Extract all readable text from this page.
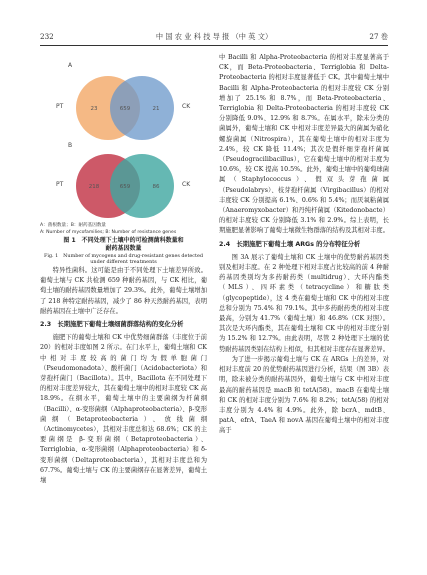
232	中 国 农 业 科 技 导 报 （中 英 文）	27 卷
A
23	659	21
PT	CK
B
218	659	86
PT	CK
A：菌根数量；B：耐药基因数量
A: Number of mycofamilies; B: Number of resistance genes
图 1　不同处理下土壤中的可检测菌科数量和
耐药基因数量
Fig. 1　Number of mycogens and drug-resistant genes detected under different treatments

特异性菌科。这可能是由于不同处理下土壤差异所致。葡萄土壤与 CK 共检测 659 种耐药基因，与 CK 相比，葡萄土壤的耐药基因数量增加了 29.3%。此外，葡萄土壤增加了 218 种特定耐药基因，减少了 86 种天然耐药基因，表明耐药基因在土壤中广泛存在。

2.3　长期施肥下葡萄土壤细菌群落结构的变化分析

施肥下的葡萄土壤和 CK 中优势细菌群落（丰度位于前 20）的相对丰度如图 2 所示。在门水平上，葡萄土壤和 CK 中相对丰度较高的菌门均为假单胞菌门（Pseudomonadota）、酸杆菌门（Acidobacteriota）和芽孢杆菌门（Bacillota）。其中，Bacillota 在不同处理下的相对丰度差异较大，其在葡萄土壤中的相对丰度较 CK 高 18.9%。在纲水平，葡萄土壤中的主要菌纲为杆菌纲（Bacilli）、α-变形菌纲（Alphaproteobacteria）、β-变形菌纲（Betaproteobacteria）、放线菌纲（Actinomycetes），其相对丰度总和达 68.6%；CK 的主要菌纲是 β-变形菌纲（Betaproteobacteria）、Terriglobia、α-变形菌纲（Alphaproteobacteria）和 δ-变形菌纲（Deltaproteobacteria），其相对丰度总和为 67.7%。葡萄土壤与 CK 的主要菌纲存在显著差异，葡萄土壤

中 Bacilli 和 Alpha-Proteobacteria 的相对丰度显著高于 CK，而 Beta-Proteobacteria、Terriglobia 和 Delta-Proteobacteria 的相对丰度显著低于 CK。其中葡萄土壤中 Bacilli 和 Alpha-Proteobacteria 的相对丰度较 CK 分别增加了 25.1% 和 8.7%，而 Beta-Proteobacteria、Terriglobia 和 Delta-Proteobacteria 的相对丰度较 CK 分别降低 9.0%、12.9% 和 8.7%。在属水平，除未分类的菌属外，葡萄土壤和 CK 中相对丰度差异最大的菌属为硝化螺旋菌属（Nitrospira），其在葡萄土壤中的相对丰度为 2.4%，较 CK 降低 11.4%；其次是假纤细芽孢杆菌属（Pseudogracilibacillus），它在葡萄土壤中的相对丰度为 10.6%，较 CK 提高 10.5%。此外，葡萄土壤中的葡萄球菌属（Staphylococcus）、假双头芽孢菌属（Pseudolabrys）、枝芽孢杆菌属（Virgibacillus）的相对丰度较 CK 分别提高 6.1%、0.6% 和 5.4%；而厌氧粘菌属（Anaeromyxobacter）和丹纯杆菌属（Kitedonobacte）的相对丰度较 CK 分别降低 3.1% 和 2.9%。综上表明，长期施肥显著影响了葡萄土壤微生物群落的结构及其相对丰度。

2.4　长期施肥下葡萄土壤 ARGs 的分布特征分析

图 3A 展示了葡萄土壤和 CK 土壤中的优势耐药基因类别及相对丰度。在 2 种处理下相对丰度占比较高的前 4 种耐药基因类别均为多药耐药类（multidrug）、大环内酯类（MLS）、四环素类（tetracycline）和糖肽类（glycopeptide），这 4 类在葡萄土壤和 CK 中的相对丰度总和分别为 75.4% 和 79.1%。其中多药耐药类的相对丰度最高，分别为 41.7%（葡萄土壤）和 46.8%（CK 对照）。其次是大环内酯类，其在葡萄土壤和 CK 中的相对丰度分别为 15.2% 和 12.7%。由此表明，尽管 2 种处理下土壤的优势耐药基因类别在结构上相似，但其相对丰度存在显著差异。

为了进一步揭示葡萄土壤与 CK 在 ARGs 上的差异，对相对丰度前 20 的优势耐药基因进行分析，结果（图 3B）表明，除未被分类的耐药基因外，葡萄土壤与 CK 中相对丰度最高的耐药基因是 macB 和 tetA(58)。macB 在葡萄土壤和 CK 的相对丰度分别为 7.6% 和 8.2%；tetA(58) 的相对丰度分别为 4.4% 和 4.9%。此外，除 bcrA、mdtB、patA、efrA、TaeA 和 novA 基因在葡萄土壤中的相对丰度高于
